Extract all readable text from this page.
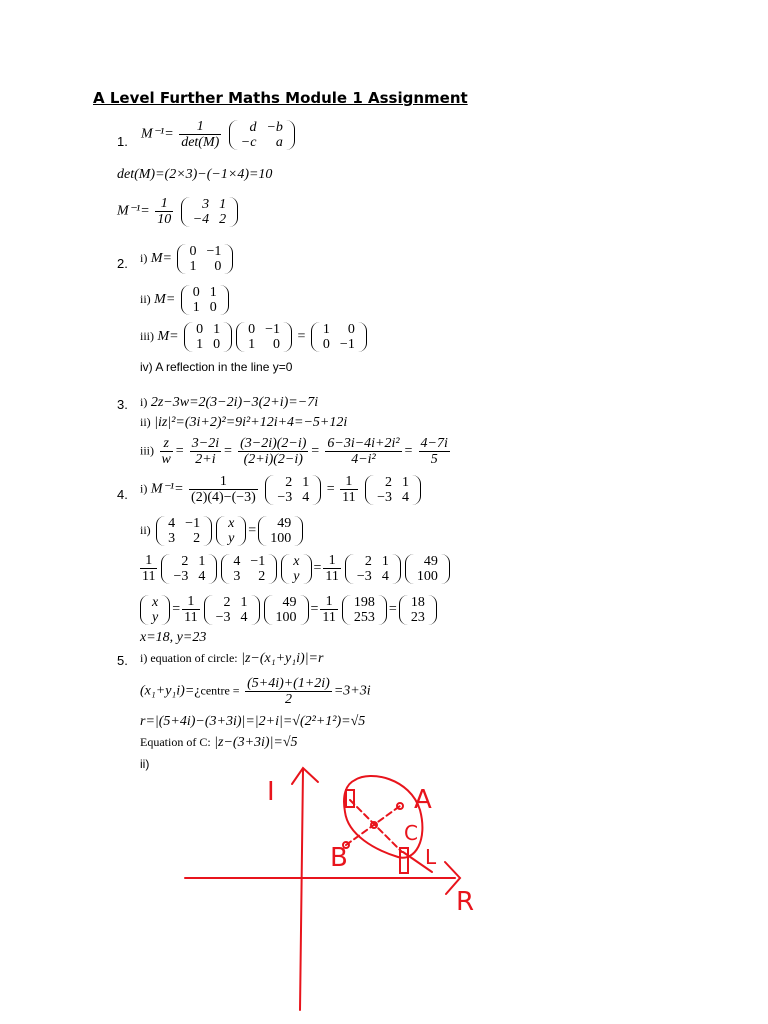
A Level Further Maths Module 1 Assignment
1. $M^{-1}= \frac{1}{\det(M)}$
d	−b
−c	a
det(M)=(2×3)−(−1×4)=10
$M^{-1}= \frac{1}{10}$
3	1
−4	2
2. i) M= 0	−1
1	0
ii) M= 0	1
1	0
iii) M= 0	1
1	0
0	−1
1	0
= 1	0
0	−1
iv) A reflection in the line y=0
3. i) 2z−3w=2(3−2i)−3(2+i)=−7i
ii) |iz|²=(3i+2)²=9i²+12i+4=−5+12i
$iii) \frac{z}{w} = \frac{3-2i}{2+i} = \frac{(3-2i)(2-i)}{(2+i)(2-i)} = \frac{\text{6−3i−4i+2i²}}{\text{4−i²}} = \frac{4-7i}{5}$
4. i) $M^{-1}= \frac{1}{(2)(4)-(-3)}$
2	1
−3	4
= $\frac{1}{11}$
2	1
−3	4
ii) 4	−1
3	2
x
y
= 49
100
$\frac{1}{11} 2$	1
−3	4
4	−1
3	2
x
y
= $\frac{1}{11} 2$	1
−3	4
49
100
x
y
= $\frac{1}{11} 2$	1
−3	4
49
100
= $\frac{1}{11} 198$
253
= 18
23
x=18, y=23
5. i) equation of circle: |z−(x₁+y₁i)|=r
(x₁+y₁i)=¿centre = $\frac{(5+4i)+(1+2i)}{2} =3+3i$
r=|(5+4i)−(3+3i)|=|2+i|=√(2²+1²)=√5
Equation of C: |z−(3+3i)|=√5
ii)
I
R
A
B
C
L
